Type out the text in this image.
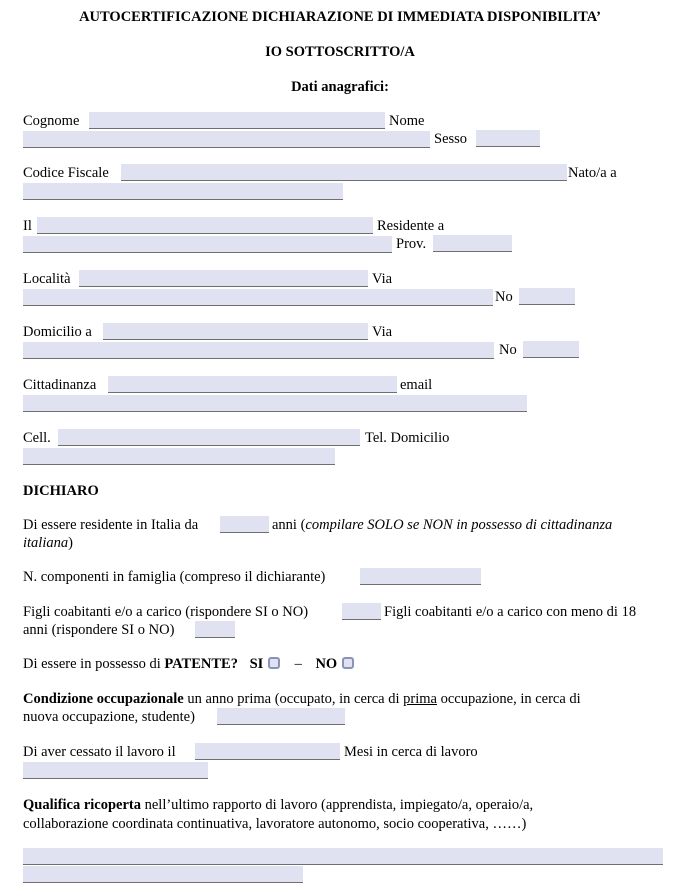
AUTOCERTIFICAZIONE DICHIARAZIONE DI IMMEDIATA DISPONIBILITA’
IO SOTTOSCRITTO/A
Dati anagrafici:
Cognome	Nome
Sesso
Codice Fiscale	Nato/a a
Il	Residente a
Prov.
Località	Via
No
Domicilio a	Via
No
Cittadinanza	email
Cell.	Tel. Domicilio
DICHIARO
Di essere residente in Italia da	anni (compilare SOLO se NON in possesso di cittadinanza
italiana)
N. componenti in famiglia (compreso il dichiarante)
Figli coabitanti e/o a carico (rispondere SI o NO)	Figli coabitanti e/o a carico con meno di 18
anni (rispondere SI o NO)
Di essere in possesso di PATENTE? SI – NO
Condizione occupazionale un anno prima (occupato, in cerca di prima occupazione, in cerca di
nuova occupazione, studente)
Di aver cessato il lavoro il	Mesi in cerca di lavoro
Qualifica ricoperta nell’ultimo rapporto di lavoro (apprendista, impiegato/a, operaio/a,
collaborazione coordinata continuativa, lavoratore autonomo, socio cooperativa, ……)
